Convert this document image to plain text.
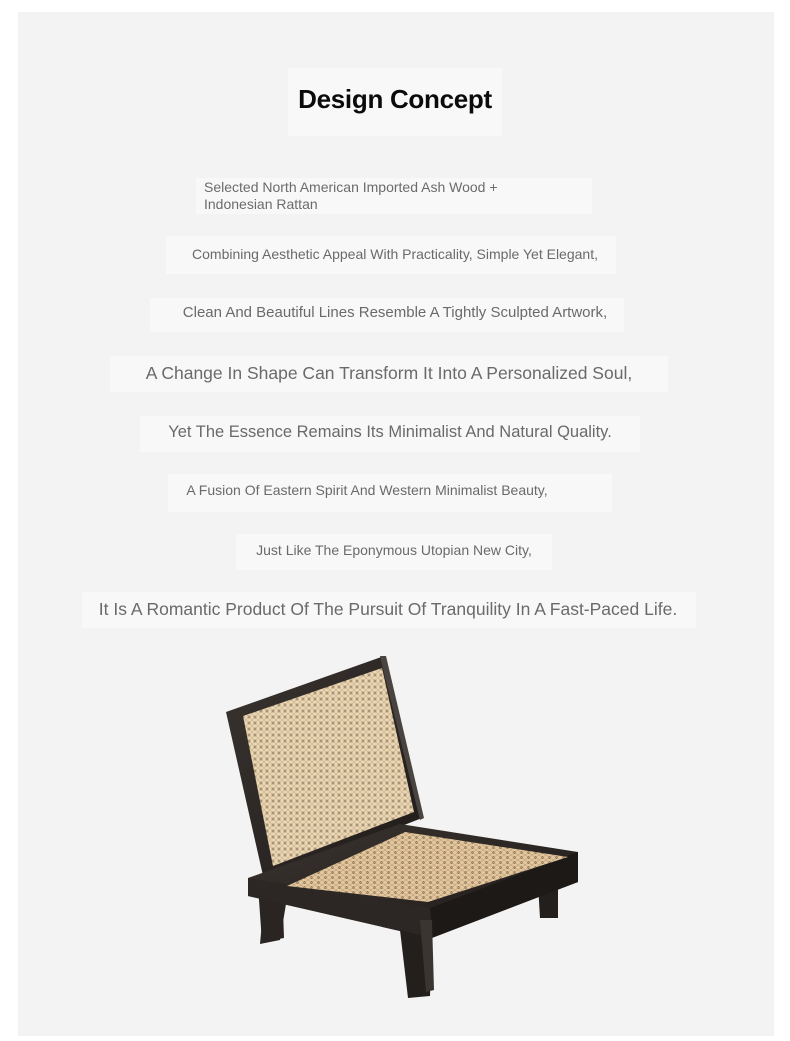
Design Concept
Selected North American Imported Ash Wood + Indonesian Rattan
Combining Aesthetic Appeal With Practicality, Simple Yet Elegant,
Clean And Beautiful Lines Resemble A Tightly Sculpted Artwork,
A Change In Shape Can Transform It Into A Personalized Soul,
Yet The Essence Remains Its Minimalist And Natural Quality.
A Fusion Of Eastern Spirit And Western Minimalist Beauty,
Just Like The Eponymous Utopian New City,
It Is A Romantic Product Of The Pursuit Of Tranquility In A Fast-Paced Life.
